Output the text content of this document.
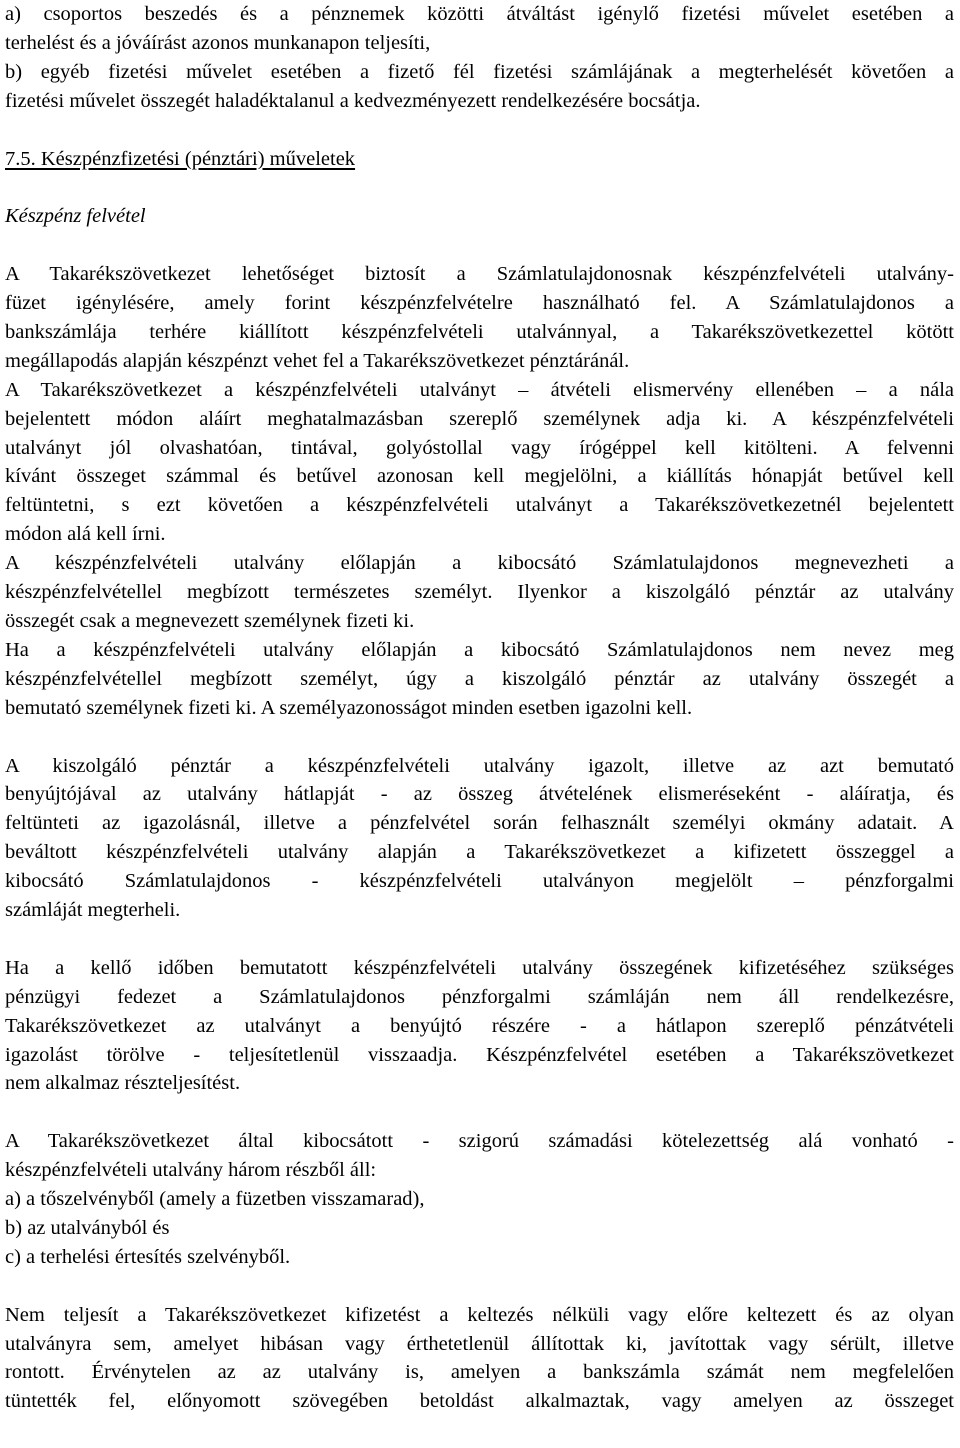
a) csoportos beszedés és a pénznemek közötti átváltást igénylő fizetési művelet esetében a

terhelést és a jóváírást azonos munkanapon teljesíti,

b) egyéb fizetési művelet esetében a fizető fél fizetési számlájának a megterhelését követően a

fizetési művelet összegét haladéktalanul a kedvezményezett rendelkezésére bocsátja.

7.5. Készpénzfizetési (pénztári) műveletek

Készpénz felvétel

A Takarékszövetkezet lehetőséget biztosít a Számlatulajdonosnak készpénzfelvételi utalvány-

füzet igénylésére, amely forint készpénzfelvételre használható fel. A Számlatulajdonos a

bankszámlája terhére kiállított készpénzfelvételi utalvánnyal, a Takarékszövetkezettel kötött

megállapodás alapján készpénzt vehet fel a Takarékszövetkezet pénztáránál.

A Takarékszövetkezet a készpénzfelvételi utalványt – átvételi elismervény ellenében – a nála

bejelentett módon aláírt meghatalmazásban szereplő személynek adja ki. A készpénzfelvételi

utalványt jól olvashatóan, tintával, golyóstollal vagy írógéppel kell kitölteni. A felvenni

kívánt összeget számmal és betűvel azonosan kell megjelölni, a kiállítás hónapját betűvel kell

feltüntetni, s ezt követően a készpénzfelvételi utalványt a Takarékszövetkezetnél bejelentett

módon alá kell írni.

A készpénzfelvételi utalvány előlapján a kibocsátó Számlatulajdonos megnevezheti a

készpénzfelvétellel megbízott természetes személyt. Ilyenkor a kiszolgáló pénztár az utalvány

összegét csak a megnevezett személynek fizeti ki.

Ha a készpénzfelvételi utalvány előlapján a kibocsátó Számlatulajdonos nem nevez meg

készpénzfelvétellel megbízott személyt, úgy a kiszolgáló pénztár az utalvány összegét a

bemutató személynek fizeti ki. A személyazonosságot minden esetben igazolni kell.

A kiszolgáló pénztár a készpénzfelvételi utalvány igazolt, illetve az azt bemutató

benyújtójával az utalvány hátlapját - az összeg átvételének elismeréseként - aláíratja, és

feltünteti az igazolásnál, illetve a pénzfelvétel során felhasznált személyi okmány adatait. A

beváltott készpénzfelvételi utalvány alapján a Takarékszövetkezet a kifizetett összeggel a

kibocsátó Számlatulajdonos - készpénzfelvételi utalványon megjelölt – pénzforgalmi

számláját megterheli.

Ha a kellő időben bemutatott készpénzfelvételi utalvány összegének kifizetéséhez szükséges

pénzügyi fedezet a Számlatulajdonos pénzforgalmi számláján nem áll rendelkezésre,

Takarékszövetkezet az utalványt a benyújtó részére - a hátlapon szereplő pénzátvételi

igazolást törölve - teljesítetlenül visszaadja. Készpénzfelvétel esetében a Takarékszövetkezet

nem alkalmaz részteljesítést.

A Takarékszövetkezet által kibocsátott - szigorú számadási kötelezettség alá vonható -

készpénzfelvételi utalvány három részből áll:

a) a tőszelvényből (amely a füzetben visszamarad),

b) az utalványból és

c) a terhelési értesítés szelvényből.

Nem teljesít a Takarékszövetkezet kifizetést a keltezés nélküli vagy előre keltezett és az olyan

utalványra sem, amelyet hibásan vagy érthetetlenül állítottak ki, javítottak vagy sérült, illetve

rontott. Érvénytelen az az utalvány is, amelyen a bankszámla számát nem megfelelően

tüntették fel, előnyomott szövegében betoldást alkalmaztak, vagy amelyen az összeget
